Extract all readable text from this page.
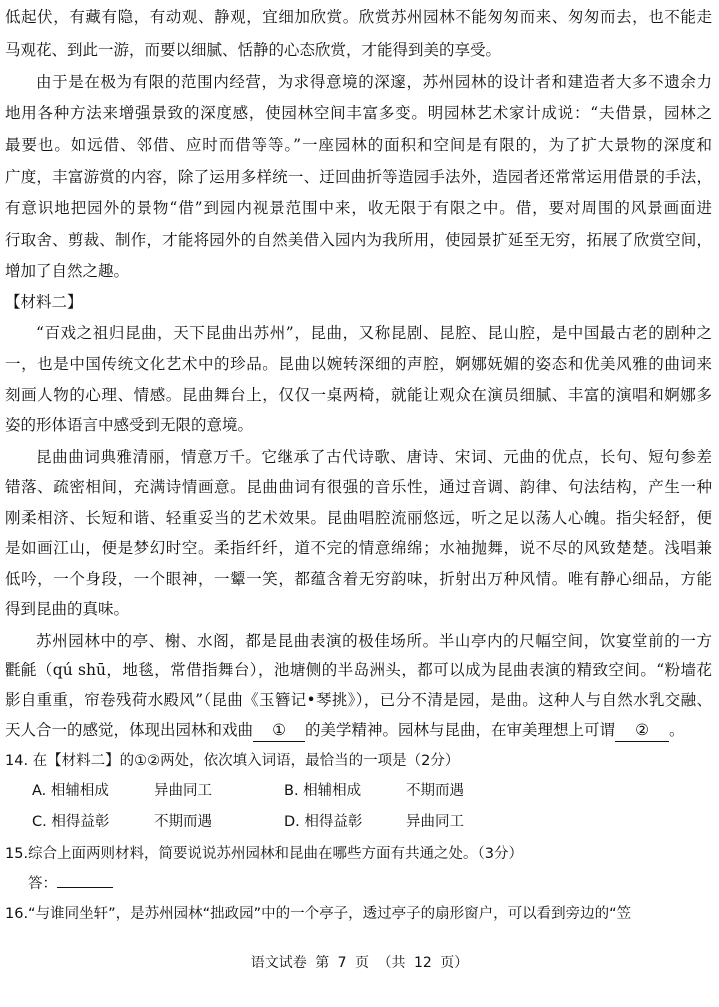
低起伏，有藏有隐，有动观、静观，宜细加欣赏。欣赏苏州园林不能匆匆而来、匆匆而去，也不能走
马观花、到此一游，而要以细腻、恬静的心态欣赏，才能得到美的享受。
由于是在极为有限的范围内经营，为求得意境的深邃，苏州园林的设计者和建造者大多不遗余力
地用各种方法来增强景致的深度感，使园林空间丰富多变。明园林艺术家计成说：“夫借景，园林之
最要也。如远借、邻借、应时而借等等。”一座园林的面积和空间是有限的，为了扩大景物的深度和
广度，丰富游赏的内容，除了运用多样统一、迂回曲折等造园手法外，造园者还常常运用借景的手法，
有意识地把园外的景物“借”到园内视景范围中来，收无限于有限之中。借，要对周围的风景画面进
行取舍、剪裁、制作，才能将园外的自然美借入园内为我所用，使园景扩延至无穷，拓展了欣赏空间，
增加了自然之趣。
【材料二】
“百戏之祖归昆曲，天下昆曲出苏州”，昆曲，又称昆剧、昆腔、昆山腔，是中国最古老的剧种之
一，也是中国传统文化艺术中的珍品。昆曲以婉转深细的声腔，婀娜妩媚的姿态和优美风雅的曲词来
刻画人物的心理、情感。昆曲舞台上，仅仅一桌两椅，就能让观众在演员细腻、丰富的演唱和婀娜多
姿的形体语言中感受到无限的意境。
昆曲曲词典雅清丽，情意万千。它继承了古代诗歌、唐诗、宋词、元曲的优点，长句、短句参差
错落、疏密相间，充满诗情画意。昆曲曲词有很强的音乐性，通过音调、韵律、句法结构，产生一种
刚柔相济、长短和谐、轻重妥当的艺术效果。昆曲唱腔流丽悠远，听之足以荡人心魄。指尖轻舒，便
是如画江山，便是梦幻时空。柔指纤纤，道不完的情意绵绵；水袖抛舞，说不尽的风致楚楚。浅唱兼
低吟，一个身段，一个眼神，一颦一笑，都蕴含着无穷韵味，折射出万种风情。唯有静心细品，方能
得到昆曲的真味。
苏州园林中的亭、榭、水阁，都是昆曲表演的极佳场所。半山亭内的尺幅空间，饮宴堂前的一方
氍毹（qú shū，地毯，常借指舞台），池塘侧的半岛洲头，都可以成为昆曲表演的精致空间。“粉墙花
影自重重，帘卷残荷水殿风”（昆曲《玉簪记•琴挑》），已分不清是园，是曲。这种人与自然水乳交融、
天人合一的感觉，体现出园林和戏曲 ① 的美学精神。园林与昆曲，在审美理想上可谓 ② 。
14. 在【材料二】的①②两处，依次填入词语，最恰当的一项是（2分）
A. 相辅相成	异曲同工	B. 相辅相成	不期而遇
C. 相得益彰	不期而遇	D. 相得益彰	异曲同工
15.综合上面两则材料，简要说说苏州园林和昆曲在哪些方面有共通之处。（3分）
答：
16.“与谁同坐轩”，是苏州园林“拙政园”中的一个亭子，透过亭子的扇形窗户，可以看到旁边的“笠
语文试卷 第 7 页 （共 12 页）
